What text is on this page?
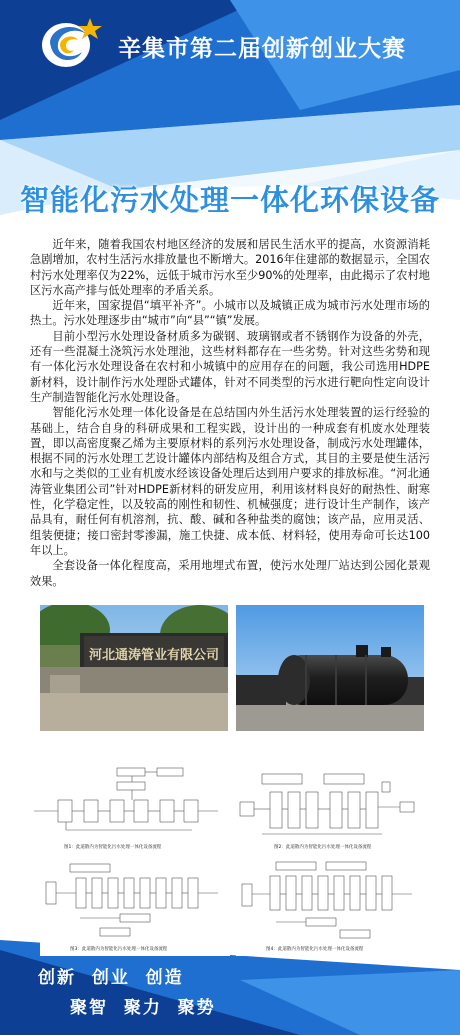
辛集市第二届创新创业大赛
智能化污水处理一体化环保设备

近年来，随着我国农村地区经济的发展和居民生活水平的提高，水资源消耗急剧增加，农村生活污水排放量也不断增大。2016年住建部的数据显示，全国农村污水处理率仅为22%，远低于城市污水至少90%的处理率，由此揭示了农村地区污水高产排与低处理率的矛盾关系。

近年来，国家提倡“填平补齐”。小城市以及城镇正成为城市污水处理市场的热土。污水处理逐步由“城市”向“县”“镇”发展。

目前小型污水处理设备材质多为碳钢、玻璃钢或者不锈钢作为设备的外壳，还有一些混凝土浇筑污水处理池，这些材料都存在一些劣势。针对这些劣势和现有一体化污水处理设备在农村和小城镇中的应用存在的问题，我公司选用HDPE新材料，设计制作污水处理卧式罐体，针对不同类型的污水进行靶向性定向设计生产制造智能化污水处理设备。

智能化污水处理一体化设备是在总结国内外生活污水处理装置的运行经验的基础上，结合自身的科研成果和工程实践，设计出的一种成套有机废水处理装置，即以高密度聚乙烯为主要原材料的系列污水处理设备，制成污水处理罐体，根据不同的污水处理工艺设计罐体内部结构及组合方式，其目的主要是使生活污水和与之类似的工业有机废水经该设备处理后达到用户要求的排放标准。“河北通涛管业集团公司”针对HDPE新材料的研发应用，利用该材料良好的耐热性、耐寒性，化学稳定性，以及较高的刚性和韧性、机械强度；进行设计生产制作，该产品具有，耐任何有机溶剂，抗、酸、碱和各种盐类的腐蚀；该产品，应用灵活、组装便捷；接口密封零渗漏，施工快捷、成本低、材料轻，使用寿命可长达100年以上。

全套设备一体化程度高，采用地埋式布置，使污水处理厂站达到公园化景观效果。

河北通涛管业有限公司
图1：此道散内为智能化污水处理一体化设备流程	图2：此道散内为智能化污水处理一体化设备流程
图3：此道散内为智能化污水处理一体化设备流程	图4：此道散内为智能化污水处理一体化设备流程
创新  创业  创造
聚智  聚力  聚势
